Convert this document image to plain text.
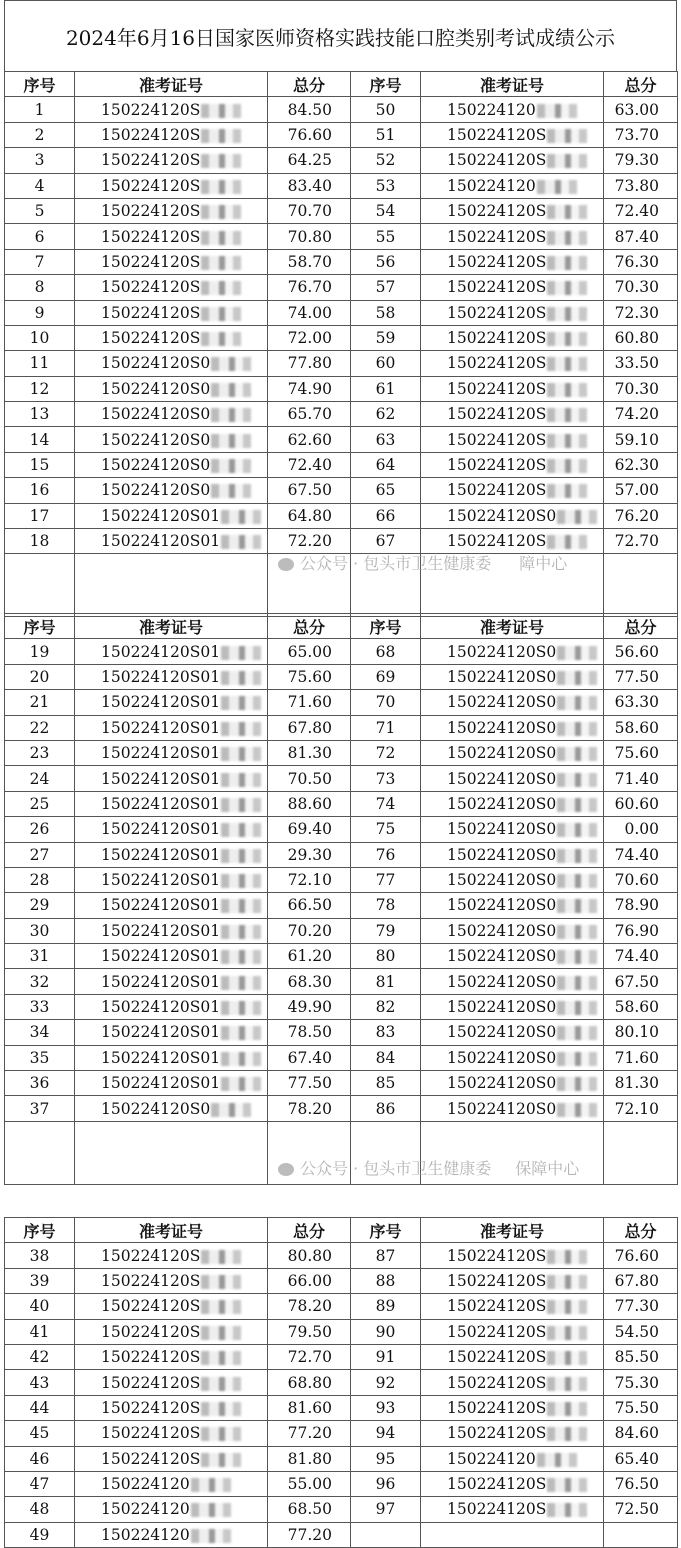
2024年6月16日国家医师资格实践技能口腔类别考试成绩公示
序号	准考证号	总分	序号	准考证号	总分
1	150224120S	84.50	50	150224120	63.00
2	150224120S	76.60	51	150224120S	73.70
3	150224120S	64.25	52	150224120S	79.30
4	150224120S	83.40	53	150224120	73.80
5	150224120S	70.70	54	150224120S	72.40
6	150224120S	70.80	55	150224120S	87.40
7	150224120S	58.70	56	150224120S	76.30
8	150224120S	76.70	57	150224120S	70.30
9	150224120S	74.00	58	150224120S	72.30
10	150224120S	72.00	59	150224120S	60.80
11	150224120S0	77.80	60	150224120S	33.50
12	150224120S0	74.90	61	150224120S	70.30
13	150224120S0	65.70	62	150224120S	74.20
14	150224120S0	62.60	63	150224120S	59.10
15	150224120S0	72.40	64	150224120S	62.30
16	150224120S0	67.50	65	150224120S	57.00
17	150224120S01	64.80	66	150224120S0	76.20
18	150224120S01	72.20	67	150224120S	72.70

公众号 · 包头市卫生健康委 障中心
序号	准考证号	总分	序号	准考证号	总分
19	150224120S01	65.00	68	150224120S0	56.60
20	150224120S01	75.60	69	150224120S0	77.50
21	150224120S01	71.60	70	150224120S0	63.30
22	150224120S01	67.80	71	150224120S0	58.60
23	150224120S01	81.30	72	150224120S0	75.60
24	150224120S01	70.50	73	150224120S0	71.40
25	150224120S01	88.60	74	150224120S0	60.60
26	150224120S01	69.40	75	150224120S0	0.00
27	150224120S01	29.30	76	150224120S0	74.40
28	150224120S01	72.10	77	150224120S0	70.60
29	150224120S01	66.50	78	150224120S0	78.90
30	150224120S01	70.20	79	150224120S0	76.90
31	150224120S01	61.20	80	150224120S0	74.40
32	150224120S01	68.30	81	150224120S0	67.50
33	150224120S01	49.90	82	150224120S0	58.60
34	150224120S01	78.50	83	150224120S0	80.10
35	150224120S01	67.40	84	150224120S0	71.60
36	150224120S01	77.50	85	150224120S0	81.30
37	150224120S0	78.20	86	150224120S0	72.10

公众号 · 包头市卫生健康委 保障中心
序号	准考证号	总分	序号	准考证号	总分
38	150224120S	80.80	87	150224120S	76.60
39	150224120S	66.00	88	150224120S	67.80
40	150224120S	78.20	89	150224120S	77.30
41	150224120S	79.50	90	150224120S	54.50
42	150224120S	72.70	91	150224120S	85.50
43	150224120S	68.80	92	150224120S	75.30
44	150224120S	81.60	93	150224120S	75.50
45	150224120S	77.20	94	150224120S	84.60
46	150224120S	81.80	95	150224120	65.40
47	150224120	55.00	96	150224120S	76.50
48	150224120	68.50	97	150224120S	72.50
49	150224120	77.20			
